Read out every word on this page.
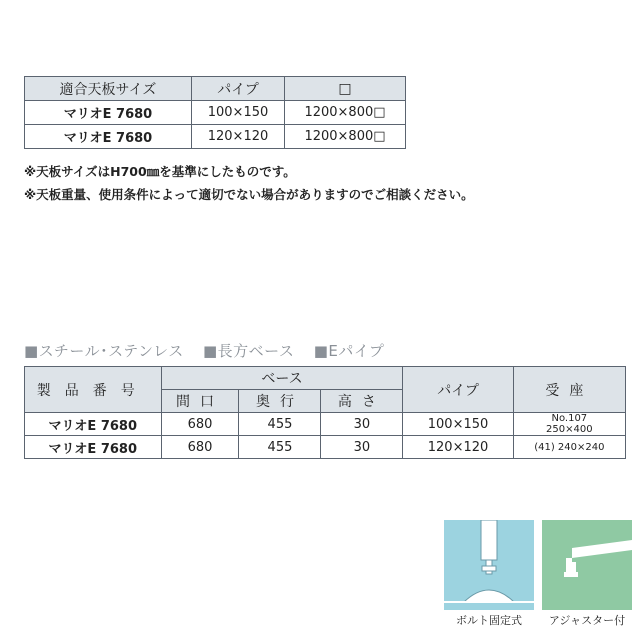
適合天板サイズ	パイプ	□
マリオE 7680	100×150	1200×800□
マリオE 7680	120×120	1200×800□
※天板サイズはH700㎜を基準にしたものです。
※天板重量、使用条件によって適切でない場合がありますのでご相談ください。
■スチール･ステンレス ■長方ベース ■Eパイプ
製品番号	ベース			パイプ	受座
	間口	奥行	高さ		
マリオE 7680	680	455	30	100×150	No.107
250×400

マリオE 7680	680	455	30	120×120	(41) 240×240
ボルト固定式	アジャスター付
